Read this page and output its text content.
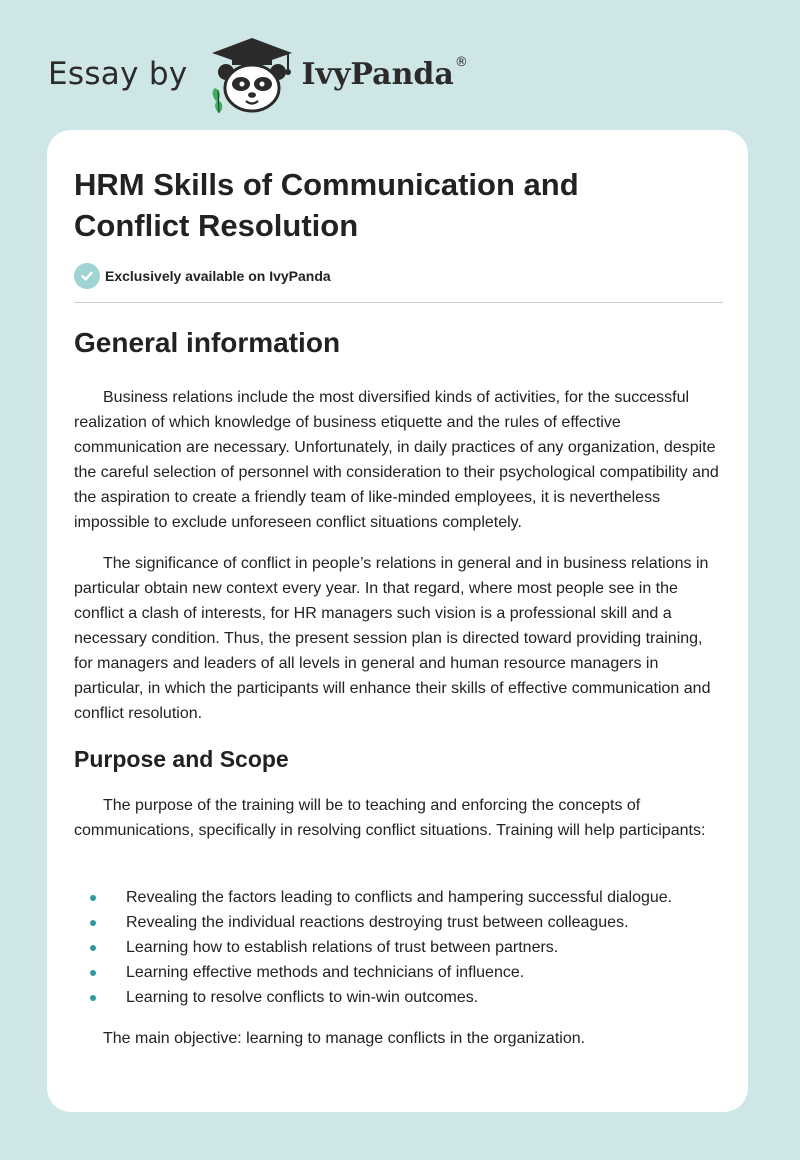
Essay by	IvyPanda ®
HRM Skills of Communication and Conflict Resolution
Exclusively available on IvyPanda
General information

Business relations include the most diversified kinds of activities, for the successful realization of which knowledge of business etiquette and the rules of effective communication are necessary. Unfortunately, in daily practices of any organization, despite the careful selection of personnel with consideration to their psychological compatibility and the aspiration to create a friendly team of like-minded employees, it is nevertheless impossible to exclude unforeseen conflict situations completely.

The significance of conflict in people’s relations in general and in business relations in particular obtain new context every year. In that regard, where most people see in the conflict a clash of interests, for HR managers such vision is a professional skill and a necessary condition. Thus, the present session plan is directed toward providing training, for managers and leaders of all levels in general and human resource managers in particular, in which the participants will enhance their skills of effective communication and conflict resolution.

Purpose and Scope

The purpose of the training will be to teaching and enforcing the concepts of communications, specifically in resolving conflict situations. Training will help participants:

Revealing the factors leading to conflicts and hampering successful dialogue.
Revealing the individual reactions destroying trust between colleagues.
Learning how to establish relations of trust between partners.
Learning effective methods and technicians of influence.
Learning to resolve conflicts to win-win outcomes.

The main objective: learning to manage conflicts in the organization.
